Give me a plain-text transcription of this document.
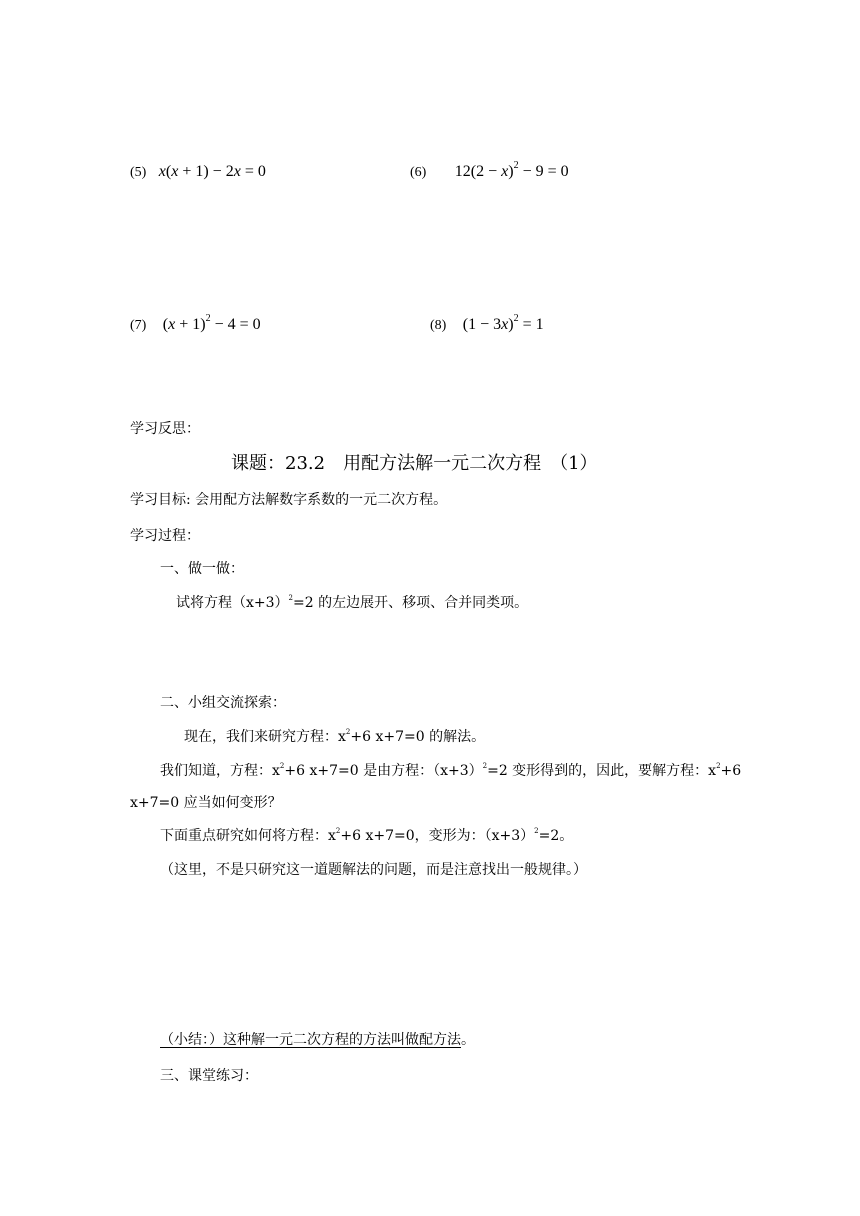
(5) x(x + 1) − 2x = 0	(6) $12(2 - x)^2 - 9 = 0$
(7) $(x + 1)^2 - 4 = 0$	(8) $(1 - 3x)^2 = 1$
学习反思：
课题：23.2　用配方法解一元二次方程　（1）
学习目标: 会用配方法解数字系数的一元二次方程。
学习过程：
一、做一做：
试将方程$(x+3)^2=2$ 的左边展开、移项、合并同类项。
二、小组交流探索：
现在，我们来研究方程：$x^2+6$ x+7=0 的解法。
我们知道，方程：$x^2+6$ x+7=0 是由方程：$(x+3)^2=2$ 变形得到的，因此，要解方程：$x^2+6$
x+7=0 应当如何变形？
下面重点研究如何将方程：$x^2+6$ x+7=0，变形为：$(x+3)^2=2$。
（这里，不是只研究这一道题解法的问题，而是注意找出一般规律。）
（小结：）这种解一元二次方程的方法叫做配方法。
三、课堂练习：
